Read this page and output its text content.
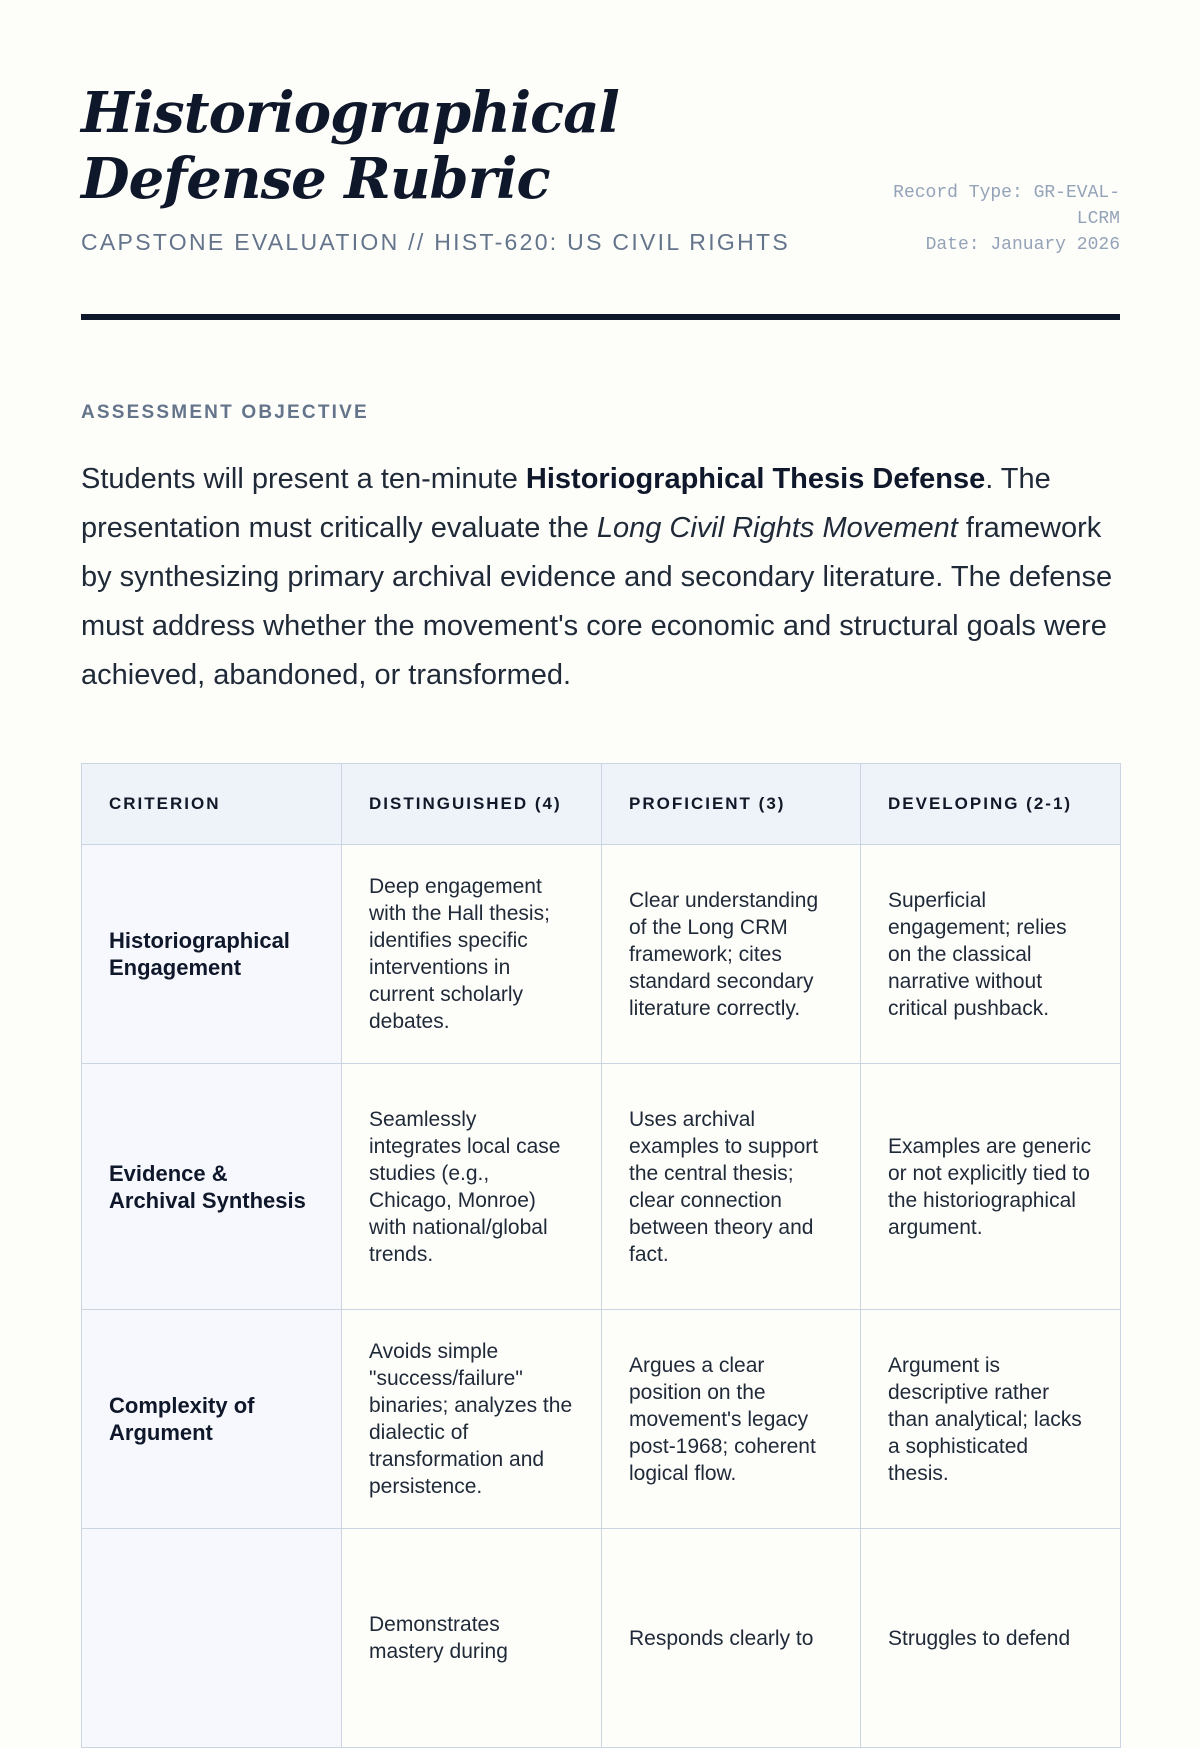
Historiographical Defense Rubric
CAPSTONE EVALUATION // HIST-620: US CIVIL RIGHTS
Record Type: GR-EVAL-LCRM
Date: January 2026
ASSESSMENT OBJECTIVE

Students will present a ten-minute Historiographical Thesis Defense. The presentation must critically evaluate the Long Civil Rights Movement framework by synthesizing primary archival evidence and secondary literature. The defense must address whether the movement's core economic and structural goals were achieved, abandoned, or transformed.

CRITERION	DISTINGUISHED (4)	PROFICIENT (3)	DEVELOPING (2-1)
Historiographical Engagement	Deep engagement with the Hall thesis; identifies specific interventions in current scholarly debates.	Clear understanding of the Long CRM framework; cites standard secondary literature correctly.	Superficial engagement; relies on the classical narrative without critical pushback.
Evidence & Archival Synthesis	Seamlessly integrates local case studies (e.g., Chicago, Monroe) with national/global trends.	Uses archival examples to support the central thesis; clear connection between theory and fact.	Examples are generic or not explicitly tied to the historiographical argument.
Complexity of Argument	Avoids simple "success/failure" binaries; analyzes the dialectic of transformation and persistence.	Argues a clear position on the movement's legacy post-1968; coherent logical flow.	Argument is descriptive rather than analytical; lacks a sophisticated thesis.
	Demonstrates mastery during	Responds clearly to	Struggles to defend
